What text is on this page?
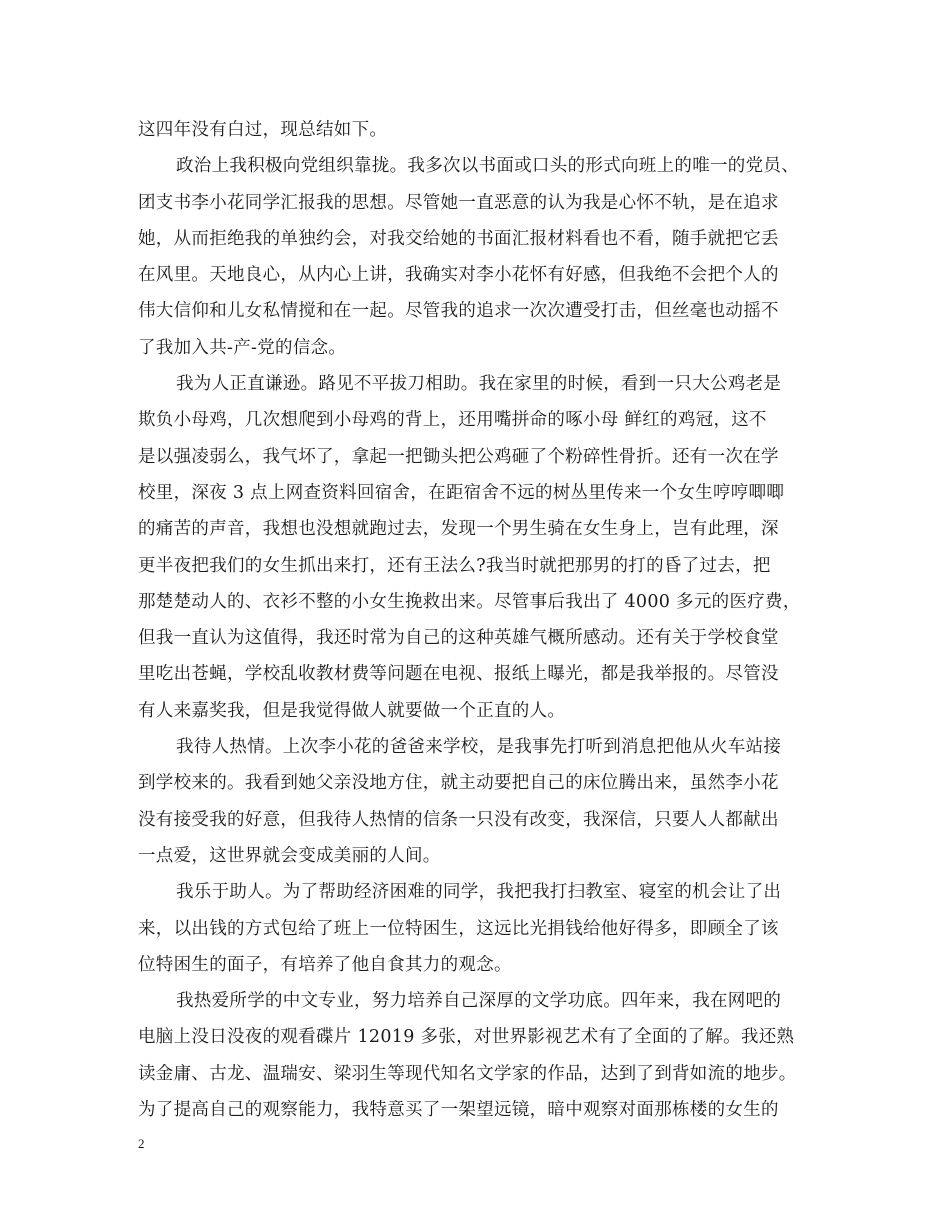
这四年没有白过，现总结如下。
政治上我积极向党组织靠拢。我多次以书面或口头的形式向班上的唯一的党员、
团支书李小花同学汇报我的思想。尽管她一直恶意的认为我是心怀不轨，是在追求
她，从而拒绝我的单独约会，对我交给她的书面汇报材料看也不看，随手就把它丢
在风里。天地良心，从内心上讲，我确实对李小花怀有好感，但我绝不会把个人的
伟大信仰和儿女私情搅和在一起。尽管我的追求一次次遭受打击，但丝毫也动摇不
了我加入共-产-党的信念。
我为人正直谦逊。路见不平拔刀相助。我在家里的时候，看到一只大公鸡老是
欺负小母鸡，几次想爬到小母鸡的背上，还用嘴拼命的啄小母 鲜红的鸡冠，这不
是以强凌弱么，我气坏了，拿起一把锄头把公鸡砸了个粉碎性骨折。还有一次在学
校里，深夜 3 点上网查资料回宿舍，在距宿舍不远的树丛里传来一个女生哼哼唧唧
的痛苦的声音，我想也没想就跑过去，发现一个男生骑在女生身上，岂有此理，深
更半夜把我们的女生抓出来打，还有王法么?我当时就把那男的打的昏了过去，把
那楚楚动人的、衣衫不整的小女生挽救出来。尽管事后我出了 4000 多元的医疗费，
但我一直认为这值得，我还时常为自己的这种英雄气概所感动。还有关于学校食堂
里吃出苍蝇，学校乱收教材费等问题在电视、报纸上曝光，都是我举报的。尽管没
有人来嘉奖我，但是我觉得做人就要做一个正直的人。
我待人热情。上次李小花的爸爸来学校，是我事先打听到消息把他从火车站接
到学校来的。我看到她父亲没地方住，就主动要把自己的床位腾出来，虽然李小花
没有接受我的好意，但我待人热情的信条一只没有改变，我深信，只要人人都献出
一点爱，这世界就会变成美丽的人间。
我乐于助人。为了帮助经济困难的同学，我把我打扫教室、寝室的机会让了出
来，以出钱的方式包给了班上一位特困生，这远比光捐钱给他好得多，即顾全了该
位特困生的面子，有培养了他自食其力的观念。
我热爱所学的中文专业，努力培养自己深厚的文学功底。四年来，我在网吧的
电脑上没日没夜的观看碟片 12019 多张，对世界影视艺术有了全面的了解。我还熟
读金庸、古龙、温瑞安、梁羽生等现代知名文学家的作品，达到了到背如流的地步。
为了提高自己的观察能力，我特意买了一架望远镜，暗中观察对面那栋楼的女生的
2
